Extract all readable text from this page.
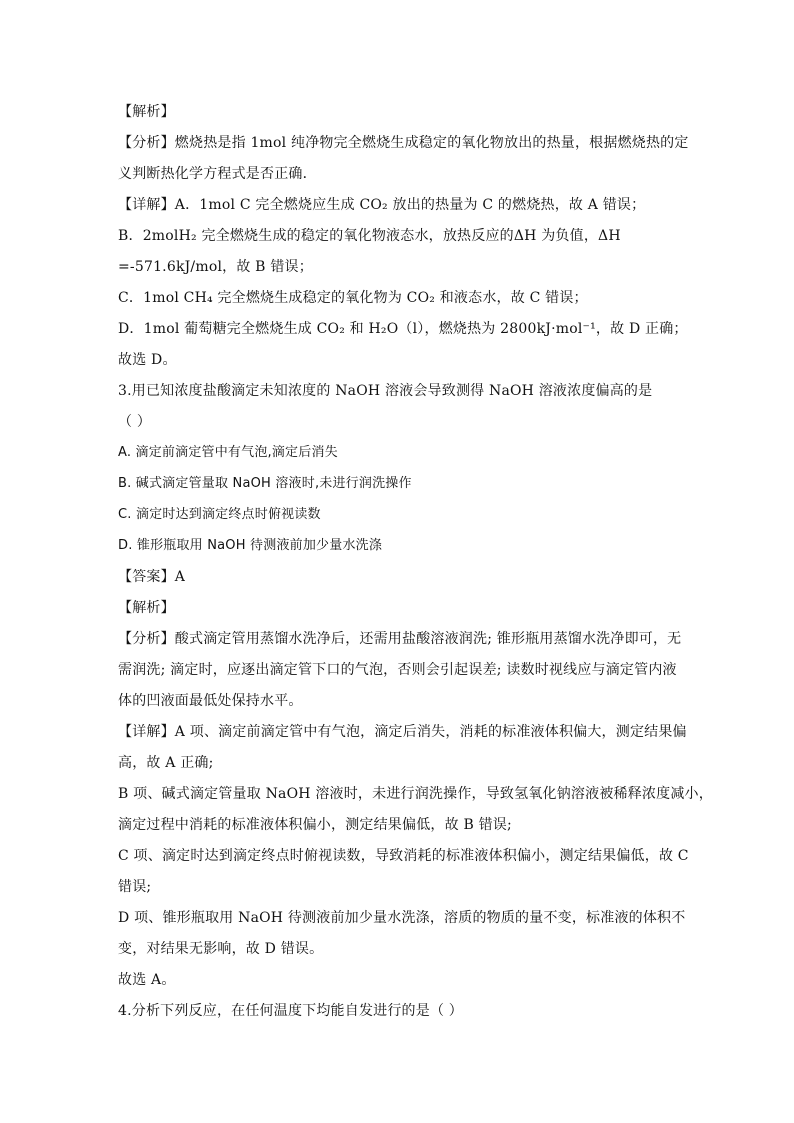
【解析】
【分析】燃烧热是指 1mol 纯净物完全燃烧生成稳定的氧化物放出的热量，根据燃烧热的定
义判断热化学方程式是否正确．
【详解】A．1mol C 完全燃烧应生成 CO₂ 放出的热量为 C 的燃烧热，故 A 错误；
B．2molH₂ 完全燃烧生成的稳定的氧化物液态水，放热反应的ΔH 为负值，ΔH
=-571.6kJ/mol，故 B 错误；
C．1mol CH₄ 完全燃烧生成稳定的氧化物为 CO₂ 和液态水，故 C 错误；
D．1mol 葡萄糖完全燃烧生成 CO₂ 和 H₂O（l），燃烧热为 2800kJ·mol⁻¹，故 D 正确；
故选 D。
3.用已知浓度盐酸滴定未知浓度的 NaOH 溶液会导致测得 NaOH 溶液浓度偏高的是
（ ）
A. 滴定前滴定管中有气泡,滴定后消失
B. 碱式滴定管量取 NaOH 溶液时,未进行润洗操作
C. 滴定时达到滴定终点时俯视读数
D. 锥形瓶取用 NaOH 待测液前加少量水洗涤
【答案】A
【解析】
【分析】酸式滴定管用蒸馏水洗净后，还需用盐酸溶液润洗; 锥形瓶用蒸馏水洗净即可，无
需润洗; 滴定时，应逐出滴定管下口的气泡，否则会引起误差; 读数时视线应与滴定管内液
体的凹液面最低处保持水平。
【详解】A 项、滴定前滴定管中有气泡，滴定后消失，消耗的标准液体积偏大，测定结果偏
高，故 A 正确;
B 项、碱式滴定管量取 NaOH 溶液时，未进行润洗操作，导致氢氧化钠溶液被稀释浓度减小，
滴定过程中消耗的标准液体积偏小，测定结果偏低，故 B 错误;
C 项、滴定时达到滴定终点时俯视读数，导致消耗的标准液体积偏小，测定结果偏低，故 C
错误;
D 项、锥形瓶取用 NaOH 待测液前加少量水洗涤，溶质的物质的量不变，标准液的体积不
变，对结果无影响，故 D 错误。
故选 A。
4.分析下列反应，在任何温度下均能自发进行的是（ ）
